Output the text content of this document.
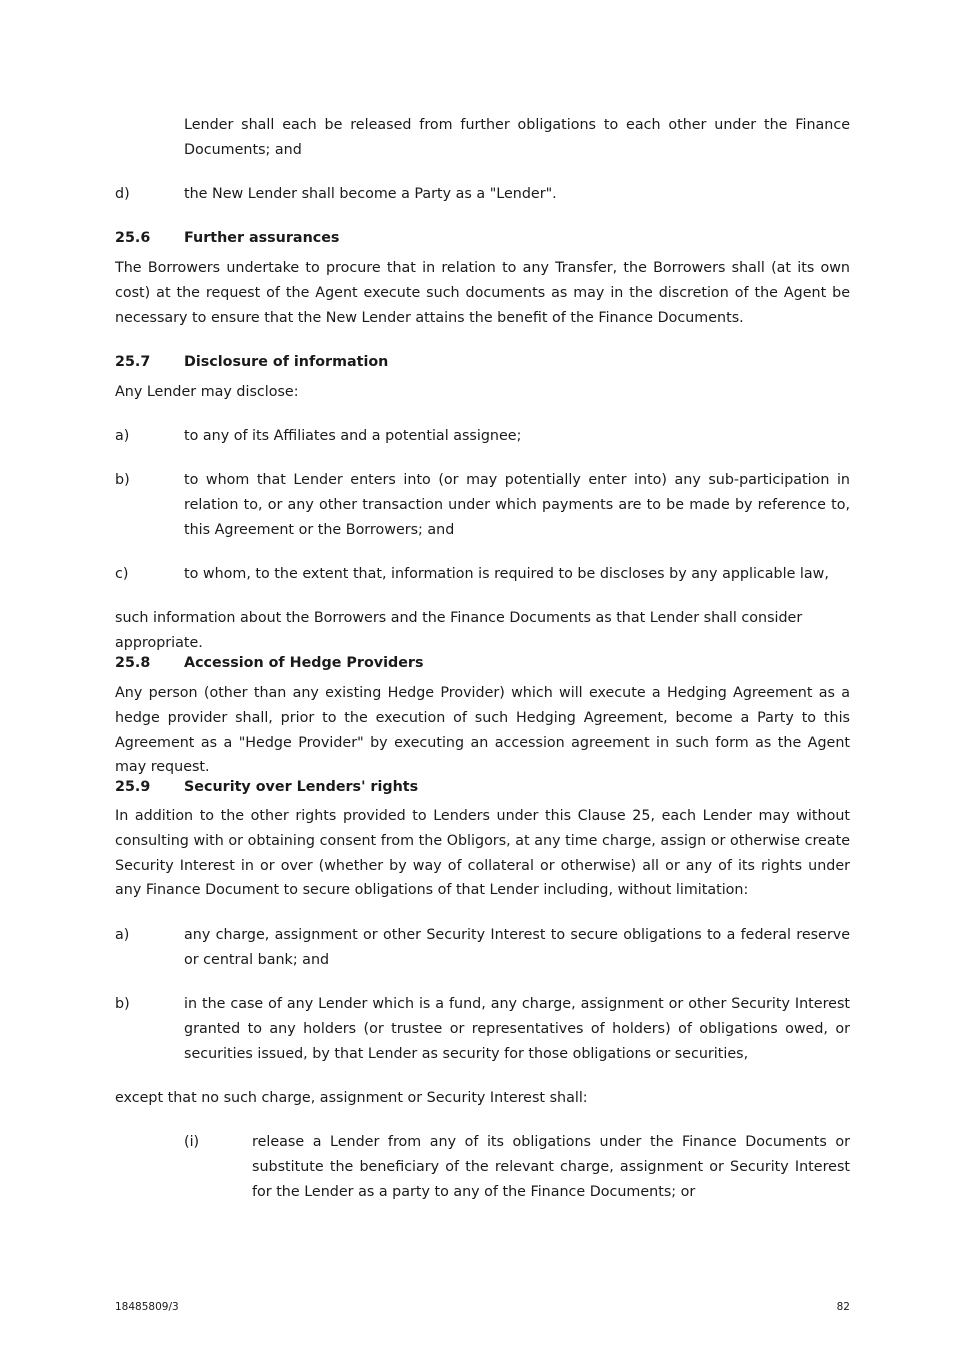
Lender shall each be released from further obligations to each other under the Finance Documents; and
d)	the New Lender shall become a Party as a "Lender".
25.6 Further assurances
The Borrowers undertake to procure that in relation to any Transfer, the Borrowers shall (at its own cost) at the request of the Agent execute such documents as may in the discretion of the Agent be necessary to ensure that the New Lender attains the benefit of the Finance Documents.
25.7 Disclosure of information
Any Lender may disclose:
a)	to any of its Affiliates and a potential assignee;
b)	to whom that Lender enters into (or may potentially enter into) any sub-participation in relation to, or any other transaction under which payments are to be made by reference to, this Agreement or the Borrowers; and
c)	to whom, to the extent that, information is required to be discloses by any applicable law,
such information about the Borrowers and the Finance Documents as that Lender shall consider appropriate.
25.8 Accession of Hedge Providers
Any person (other than any existing Hedge Provider) which will execute a Hedging Agreement as a hedge provider shall, prior to the execution of such Hedging Agreement, become a Party to this Agreement as a "Hedge Provider" by executing an accession agreement in such form as the Agent may request.
25.9 Security over Lenders' rights
In addition to the other rights provided to Lenders under this Clause 25, each Lender may without consulting with or obtaining consent from the Obligors, at any time charge, assign or otherwise create Security Interest in or over (whether by way of collateral or otherwise) all or any of its rights under any Finance Document to secure obligations of that Lender including, without limitation:
a)	any charge, assignment or other Security Interest to secure obligations to a federal reserve or central bank; and
b)	in the case of any Lender which is a fund, any charge, assignment or other Security Interest granted to any holders (or trustee or representatives of holders) of obligations owed, or securities issued, by that Lender as security for those obligations or securities,
except that no such charge, assignment or Security Interest shall:
(i)	release a Lender from any of its obligations under the Finance Documents or substitute the beneficiary of the relevant charge, assignment or Security Interest for the Lender as a party to any of the Finance Documents; or
18485809/3	82
